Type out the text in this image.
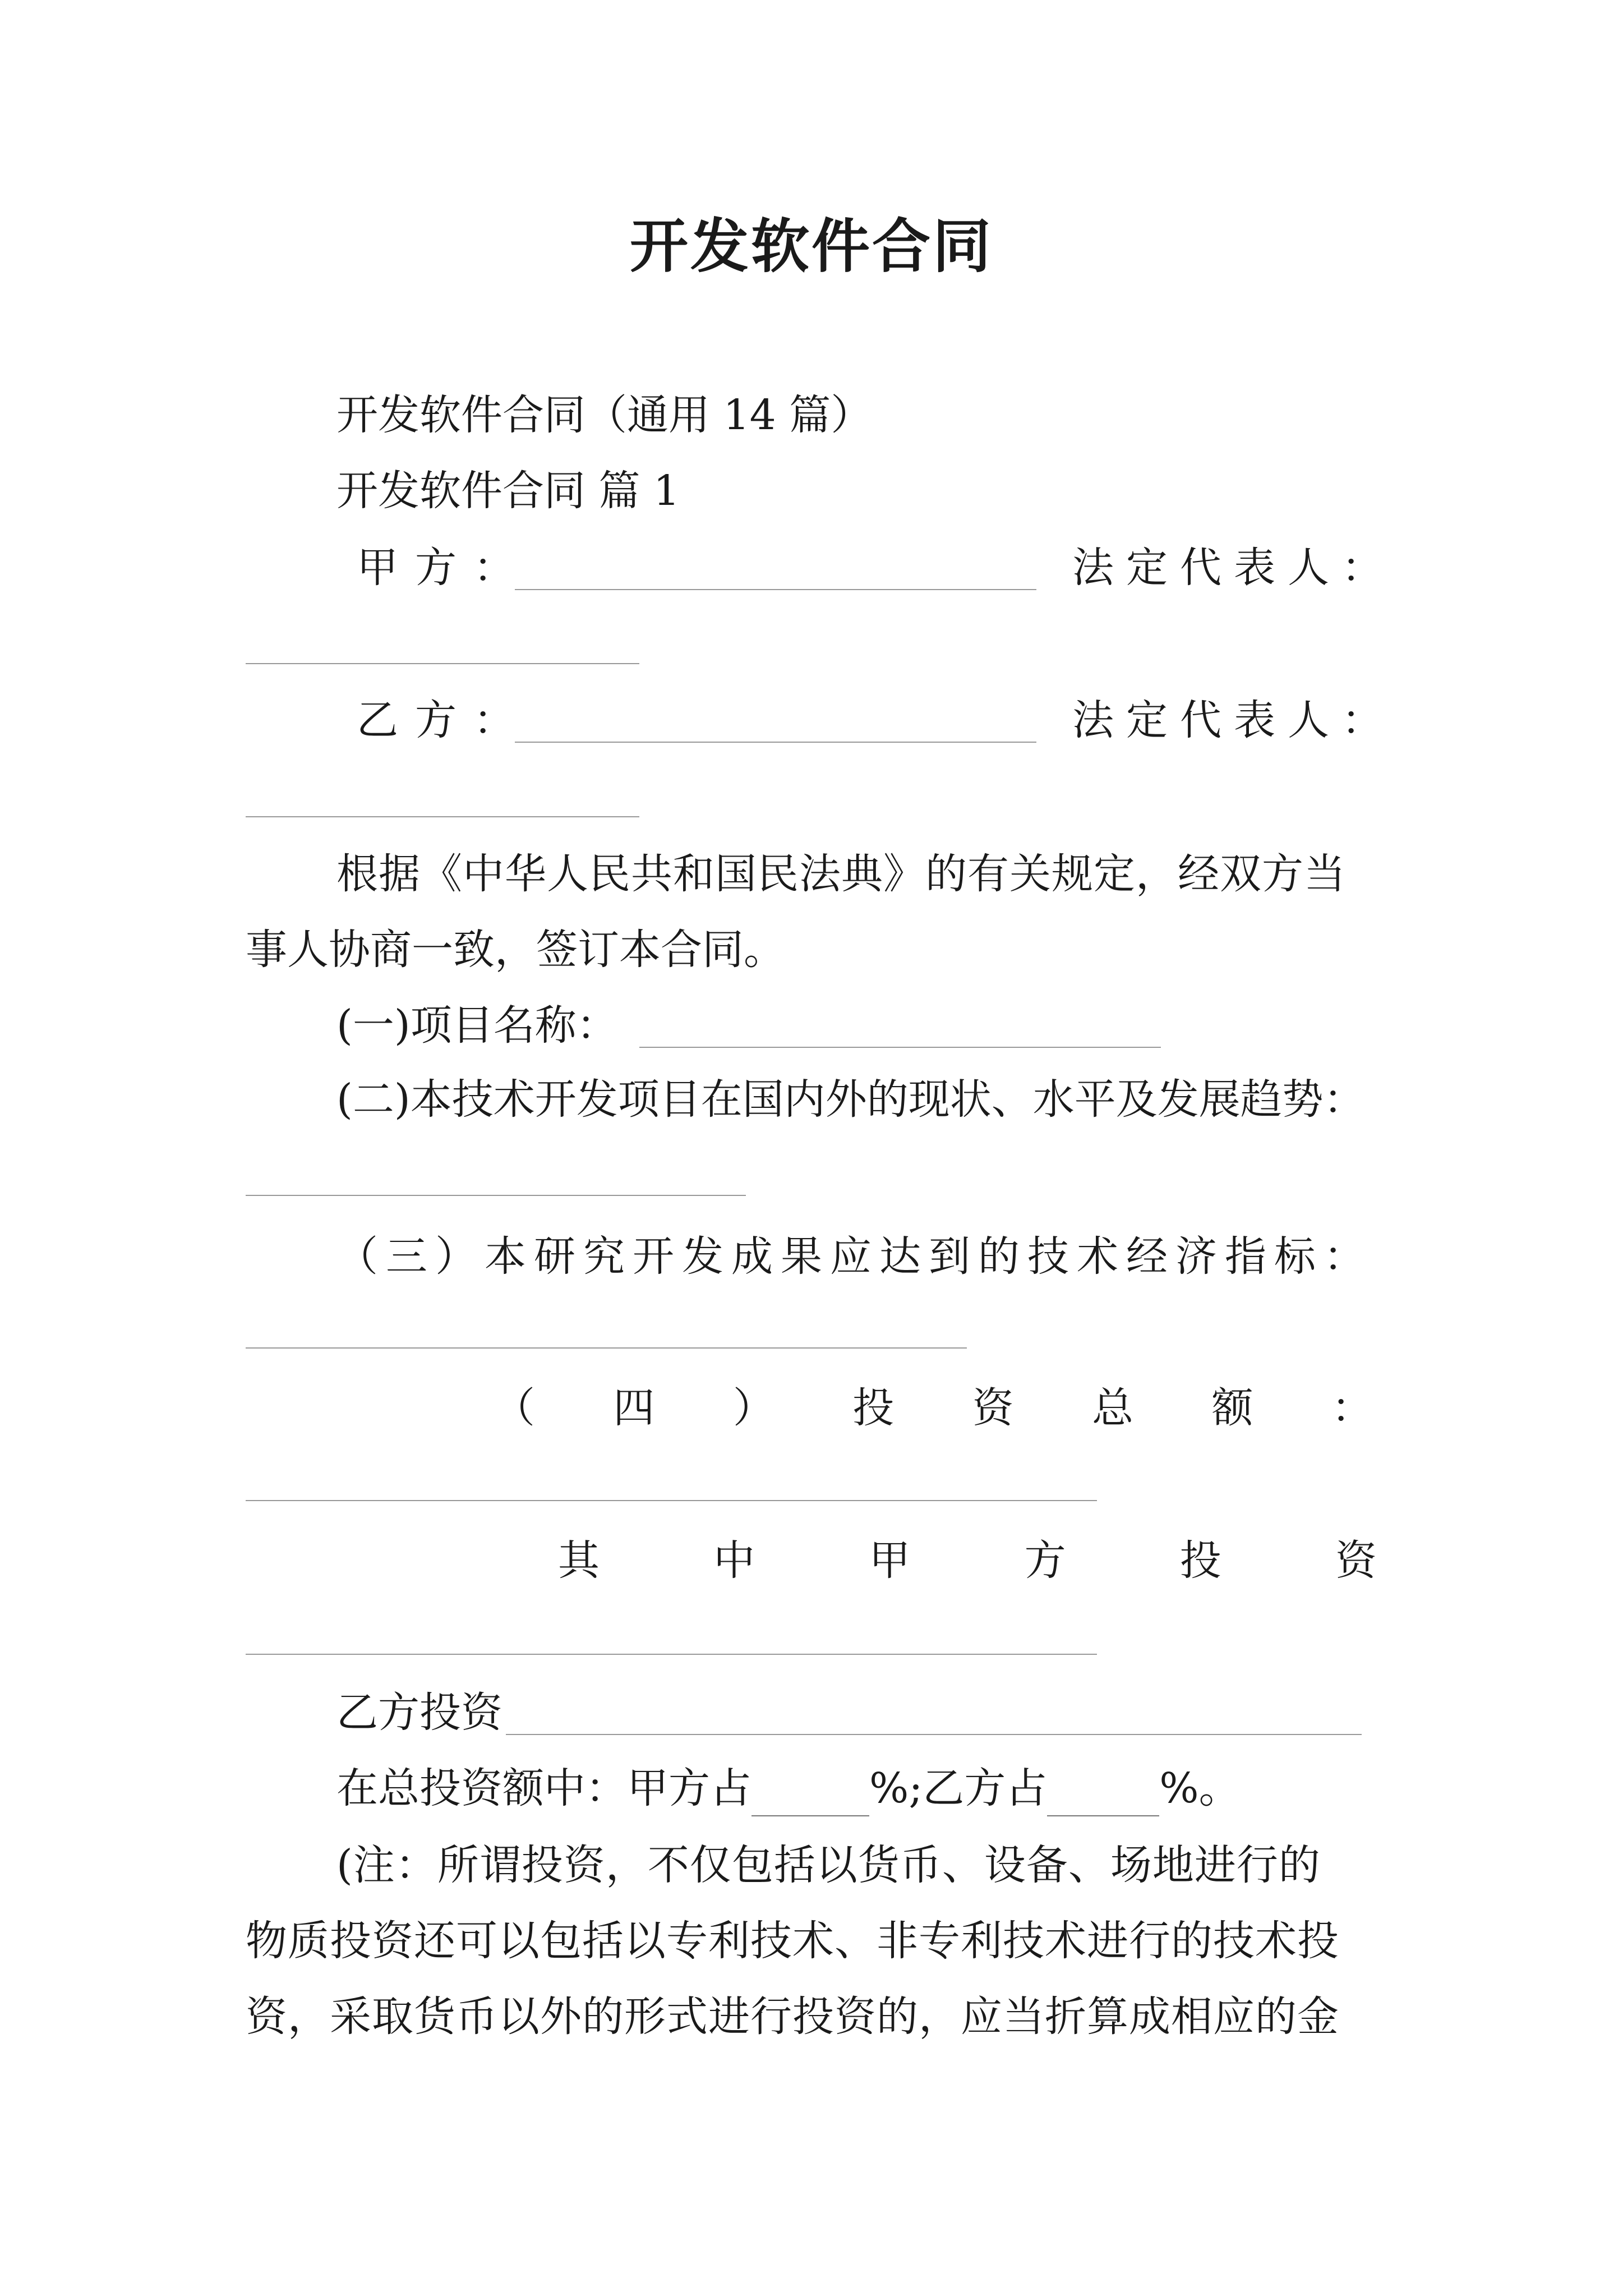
开发软件合同
开发软件合同（通用 14 篇）
开发软件合同 篇 1
甲方：	法定代表人：
乙方：	法定代表人：
根据《中华人民共和国民法典》的有关规定，经双方当
事人协商一致，签订本合同。
(一)项目名称：
(二)本技术开发项目在国内外的现状、水平及发展趋势：
（三）本研究开发成果应达到的技术经济指标：
（ 四 ） 投 资 总 额 ：
其	中	甲	方	投	资
乙方投资
在总投资额中：甲方占	%;乙方占	%。
(注：所谓投资，不仅包括以货币、设备、场地进行的
物质投资还可以包括以专利技术、非专利技术进行的技术投
资，采取货币以外的形式进行投资的，应当折算成相应的金
